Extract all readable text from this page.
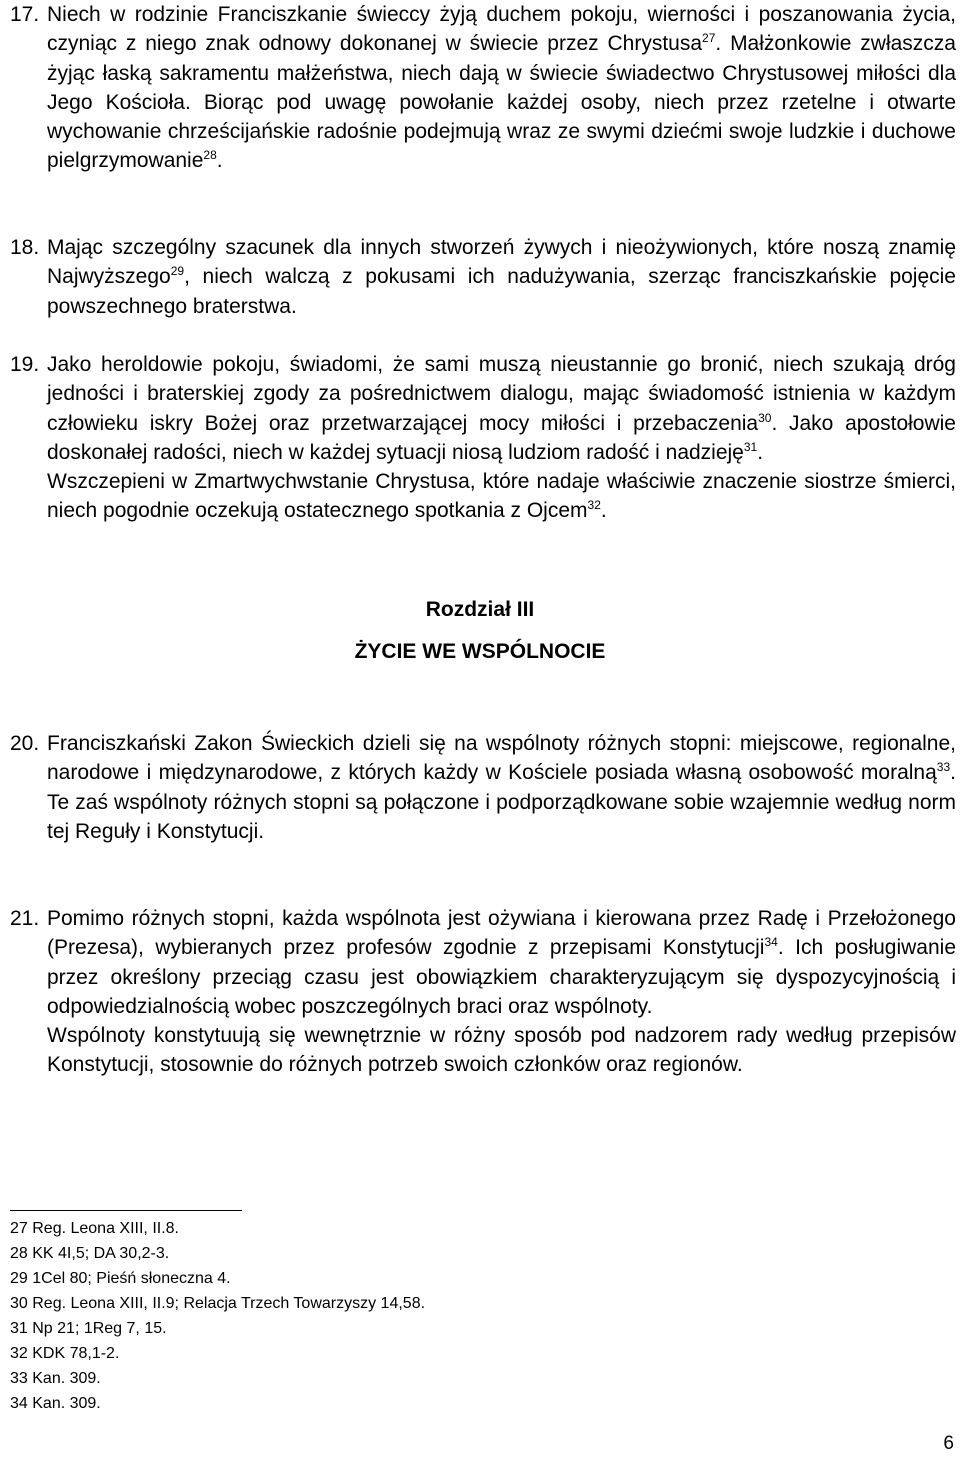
17. Niech w rodzinie Franciszkanie świeccy żyją duchem pokoju, wierności i poszanowania życia, czyniąc z niego znak odnowy dokonanej w świecie przez Chrystusa$^{27}$. Małżonkowie zwłaszcza żyjąc łaską sakramentu małżeństwa, niech dają w świecie świadectwo Chrystusowej miłości dla Jego Kościoła. Biorąc pod uwagę powołanie każdej osoby, niech przez rzetelne i otwarte wychowanie chrześcijańskie radośnie podejmują wraz ze swymi dziećmi swoje ludzkie i duchowe pielgrzymowanie$^{28}$.
18. Mając szczególny szacunek dla innych stworzeń żywych i nieożywionych, które noszą znamię Najwyższego$^{29}$, niech walczą z pokusami ich nadużywania, szerząc franciszkańskie pojęcie powszechnego braterstwa.
19. Jako heroldowie pokoju, świadomi, że sami muszą nieustannie go bronić, niech szukają dróg jedności i braterskiej zgody za pośrednictwem dialogu, mając świadomość istnienia w każdym człowieku iskry Bożej oraz przetwarzającej mocy miłości i przebaczenia$^{30}$. Jako apostołowie doskonałej radości, niech w każdej sytuacji niosą ludziom radość i nadzieję$^{31}$.
Wszczepieni w Zmartwychwstanie Chrystusa, które nadaje właściwie znaczenie siostrze śmierci, niech pogodnie oczekują ostatecznego spotkania z Ojcem$^{32}$.
Rozdział III
ŻYCIE WE WSPÓLNOCIE
20. Franciszkański Zakon Świeckich dzieli się na wspólnoty różnych stopni: miejscowe, regionalne, narodowe i międzynarodowe, z których każdy w Kościele posiada własną osobowość moralną$^{33}$. Te zaś wspólnoty różnych stopni są połączone i podporządkowane sobie wzajemnie według norm tej Reguły i Konstytucji.
21. Pomimo różnych stopni, każda wspólnota jest ożywiana i kierowana przez Radę i Przełożonego (Prezesa), wybieranych przez profesów zgodnie z przepisami Konstytucji$^{34}$. Ich posługiwanie przez określony przeciąg czasu jest obowiązkiem charakteryzującym się dyspozycyjnością i odpowiedzialnością wobec poszczególnych braci oraz wspólnoty.
Wspólnoty konstytuują się wewnętrznie w różny sposób pod nadzorem rady według przepisów Konstytucji, stosownie do różnych potrzeb swoich członków oraz regionów.
27 Reg. Leona XIII, II.8.
28 KK 4I,5; DA 30,2-3.
29 1Cel 80; Pieśń słoneczna 4.
30 Reg. Leona XIII, II.9; Relacja Trzech Towarzyszy 14,58.
31 Np 21; 1Reg 7, 15.
32 KDK 78,1-2.
33 Kan. 309.
34 Kan. 309.
6
